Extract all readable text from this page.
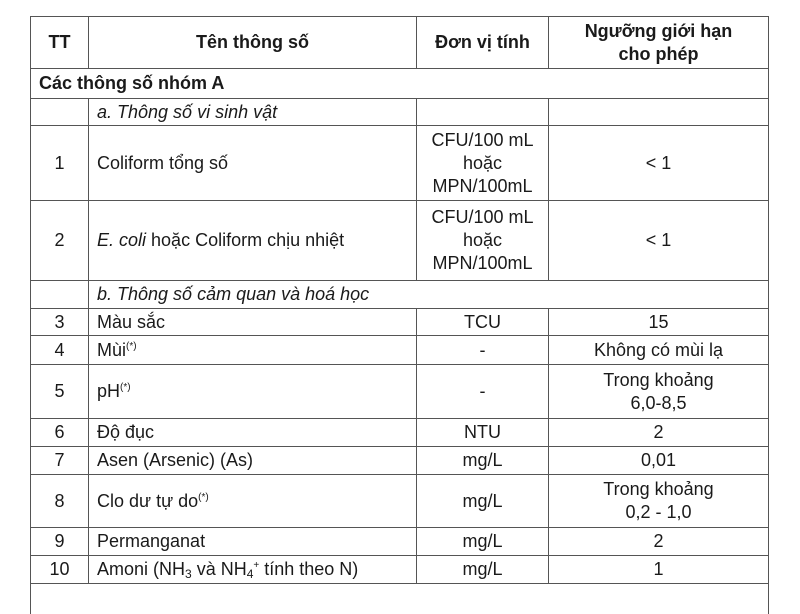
TT	Tên thông số	Đơn vị tính	Ngưỡng giới hạn
cho phép
Các thông số nhóm A			
	a. Thông số vi sinh vật		
1	Coliform tổng số	CFU/100 mL
hoặc
MPN/100mL	< 1
2	E. coli hoặc Coliform chịu nhiệt	CFU/100 mL
hoặc
MPN/100mL	< 1
	b. Thông số cảm quan và hoá học		
3	Màu sắc	TCU	15
4	Mùi(*)	-	Không có mùi lạ
5	pH(*)	-	Trong khoảng
6,0-8,5
6	Độ đục	NTU	2
7	Asen (Arsenic) (As)	mg/L	0,01
8	Clo dư tự do(*)	mg/L	Trong khoảng
0,2 - 1,0
9	Permanganat	mg/L	2
10	Amoni ($NH_3$ và $NH_4^+$ tính theo N)	mg/L	1
